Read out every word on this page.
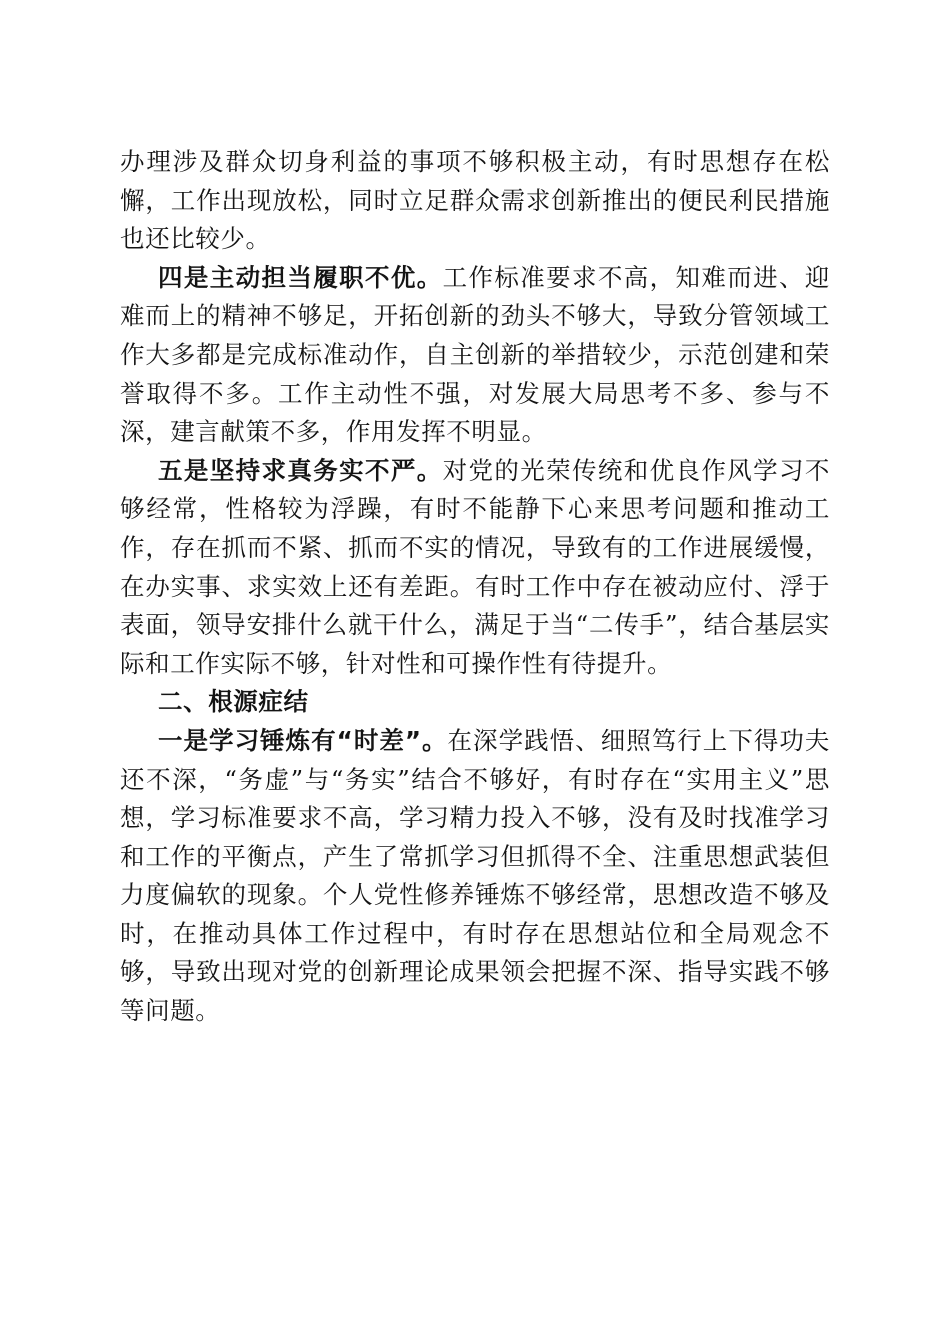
办理涉及群众切身利益的事项不够积极主动，有时思想存在松懈，工作出现放松，同时立足群众需求创新推出的便民利民措施也还比较少。

四是主动担当履职不优。工作标准要求不高，知难而进、迎难而上的精神不够足，开拓创新的劲头不够大，导致分管领域工作大多都是完成标准动作，自主创新的举措较少，示范创建和荣誉取得不多。工作主动性不强，对发展大局思考不多、参与不深，建言献策不多，作用发挥不明显。

五是坚持求真务实不严。对党的光荣传统和优良作风学习不够经常，性格较为浮躁，有时不能静下心来思考问题和推动工作，存在抓而不紧、抓而不实的情况，导致有的工作进展缓慢，在办实事、求实效上还有差距。有时工作中存在被动应付、浮于表面，领导安排什么就干什么，满足于当“二传手”，结合基层实际和工作实际不够，针对性和可操作性有待提升。

二、根源症结

一是学习锤炼有“时差”。在深学践悟、细照笃行上下得功夫还不深，“务虚”与“务实”结合不够好，有时存在“实用主义”思想，学习标准要求不高，学习精力投入不够，没有及时找准学习和工作的平衡点，产生了常抓学习但抓得不全、注重思想武装但力度偏软的现象。个人党性修养锤炼不够经常，思想改造不够及时，在推动具体工作过程中，有时存在思想站位和全局观念不够，导致出现对党的创新理论成果领会把握不深、指导实践不够等问题。
